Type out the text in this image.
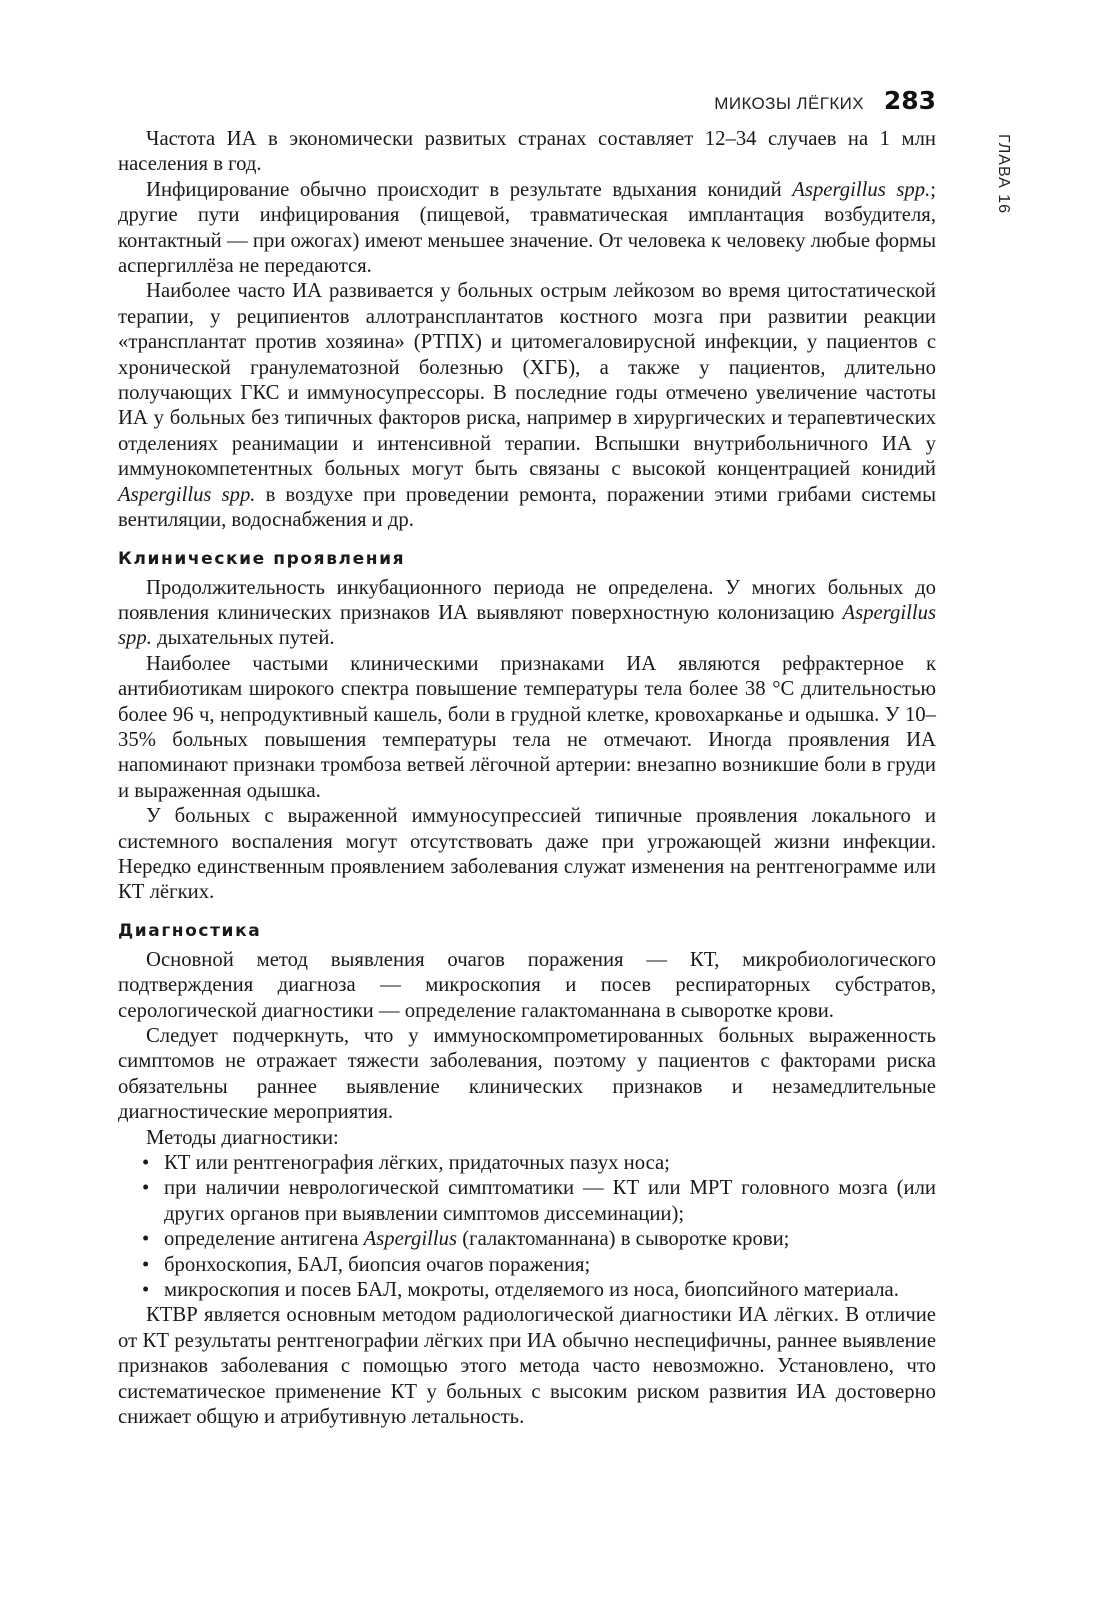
МИКОЗЫ ЛЁГКИХ 283
ГЛАВА 16

Частота ИА в экономически развитых странах составляет 12–34 случаев на 1 млн населения в год.

Инфицирование обычно происходит в результате вдыхания конидий Aspergillus spp.; другие пути инфицирования (пищевой, травматическая имплантация возбудителя, контактный — при ожогах) имеют меньшее значение. От человека к человеку любые формы аспергиллёза не передаются.

Наиболее часто ИА развивается у больных острым лейкозом во время цитостатической терапии, у реципиентов аллотрансплантатов костного мозга при развитии реакции «трансплантат против хозяина» (РТПХ) и цитомегаловирусной инфекции, у пациентов с хронической гранулематозной болезнью (ХГБ), а также у пациентов, длительно получающих ГКС и иммуносупрессоры. В последние годы отмечено увеличение частоты ИА у больных без типичных факторов риска, например в хирургических и терапевтических отделениях реанимации и интенсивной терапии. Вспышки внутрибольничного ИА у иммунокомпетентных больных могут быть связаны с высокой концентрацией конидий Aspergillus spp. в воздухе при проведении ремонта, поражении этими грибами системы вентиляции, водоснабжения и др.

Клинические проявления

Продолжительность инкубационного периода не определена. У многих больных до появления клинических признаков ИА выявляют поверхностную колонизацию Aspergillus spp. дыхательных путей.

Наиболее частыми клиническими признаками ИА являются рефрактерное к антибиотикам широкого спектра повышение температуры тела более 38 °С длительностью более 96 ч, непродуктивный кашель, боли в грудной клетке, кровохарканье и одышка. У 10–35% больных повышения температуры тела не отмечают. Иногда проявления ИА напоминают признаки тромбоза ветвей лёгочной артерии: внезапно возникшие боли в груди и выраженная одышка.

У больных с выраженной иммуносупрессией типичные проявления локального и системного воспаления могут отсутствовать даже при угрожающей жизни инфекции. Нередко единственным проявлением заболевания служат изменения на рентгенограмме или КТ лёгких.

Диагностика

Основной метод выявления очагов поражения — КТ, микробиологического подтверждения диагноза — микроскопия и посев респираторных субстратов, серологической диагностики — определение галактоманнана в сыворотке крови.

Следует подчеркнуть, что у иммуноскомпрометированных больных выраженность симптомов не отражает тяжести заболевания, поэтому у пациентов с факторами риска обязательны раннее выявление клинических признаков и незамедлительные диагностические мероприятия.

Методы диагностики:

• КТ или рентгенография лёгких, придаточных пазух носа;
• при наличии неврологической симптоматики — КТ или МРТ головного мозга (или других органов при выявлении симптомов диссеминации);
• определение антигена Aspergillus (галактоманнана) в сыворотке крови;
• бронхоскопия, БАЛ, биопсия очагов поражения;
• микроскопия и посев БАЛ, мокроты, отделяемого из носа, биопсийного материала.

КТВР является основным методом радиологической диагностики ИА лёгких. В отличие от КТ результаты рентгенографии лёгких при ИА обычно неспецифичны, раннее выявление признаков заболевания с помощью этого метода часто невозможно. Установлено, что систематическое применение КТ у больных с высоким риском развития ИА достоверно снижает общую и атрибутивную летальность.
